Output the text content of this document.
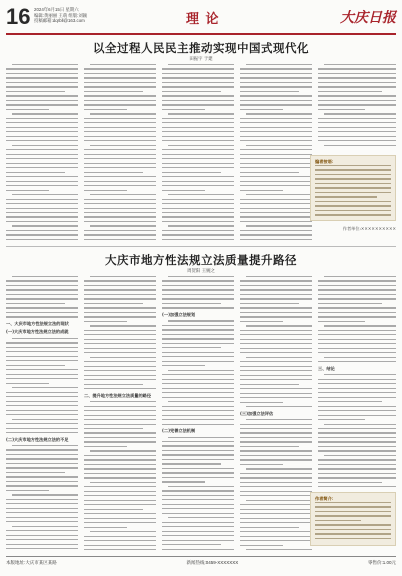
16 2024年6月15日 星期六
编辑:黄丽丽 王萌 组版:刘颖
投稿邮箱:dqrbll@163.com	理 论	大庆日报
以全过程人民民主推动实现中国式现代化
田振宇 于建
编者按语:
作者单位:××××××××××
大庆市地方性法规立法质量提升路径
周贺阳 王婉之
一、大庆市地方性法规立法的现状
(一)大庆市地方性法规立法的成就
(二)大庆市地方性法规立法的不足
二、提升地方性法规立法质量的路径
(一)加强立法规划
(二)完善立法机制
(三)加强立法评估
三、结论
作者简介:
本版地址:大庆市某区某路	新闻热线:0459-XXXXXXX	零售价:1.00元
